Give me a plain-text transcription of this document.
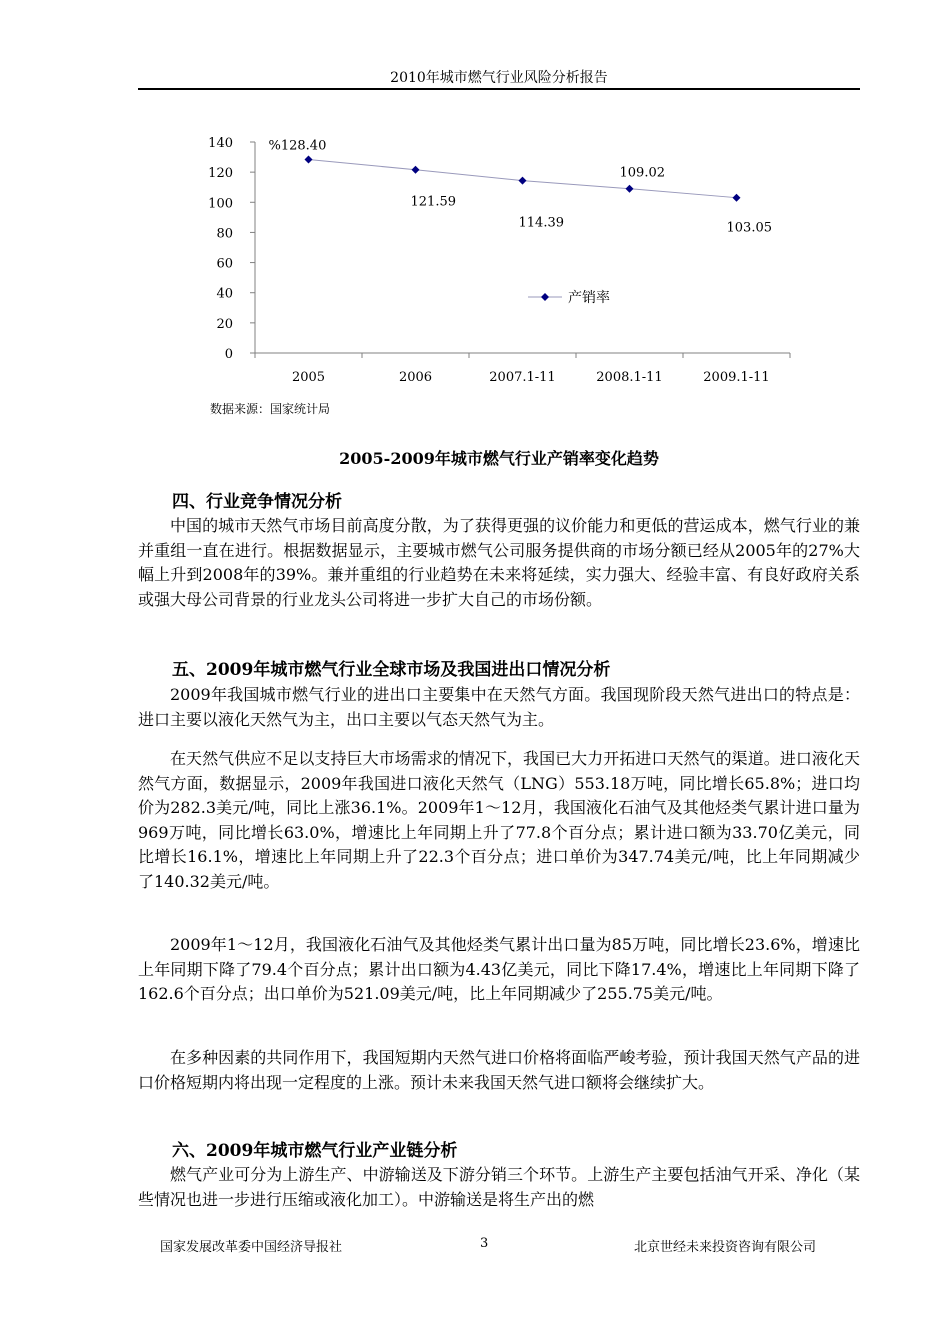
2010年城市燃气行业风险分析报告
0
20
40
60
80
100
120
140
2005	2006	2007.1-11	2008.1-11	2009.1-11
%128.40
121.59
114.39
109.02
103.05
产销率
数据来源：国家统计局
2005-2009年城市燃气行业产销率变化趋势
四、行业竞争情况分析

中国的城市天然气市场目前高度分散，为了获得更强的议价能力和更低的营运成本，燃气行业的兼并重组一直在进行。根据数据显示，主要城市燃气公司服务提供商的市场分额已经从2005年的27%大幅上升到2008年的39%。兼并重组的行业趋势在未来将延续，实力强大、经验丰富、有良好政府关系或强大母公司背景的行业龙头公司将进一步扩大自己的市场份额。

五、2009年城市燃气行业全球市场及我国进出口情况分析

2009年我国城市燃气行业的进出口主要集中在天然气方面。我国现阶段天然气进出口的特点是：进口主要以液化天然气为主，出口主要以气态天然气为主。

在天然气供应不足以支持巨大市场需求的情况下，我国已大力开拓进口天然气的渠道。进口液化天然气方面，数据显示，2009年我国进口液化天然气（LNG）553.18万吨，同比增长65.8%；进口均价为282.3美元/吨，同比上涨36.1%。2009年1～12月，我国液化石油气及其他烃类气累计进口量为969万吨，同比增长63.0%，增速比上年同期上升了77.8个百分点；累计进口额为33.70亿美元，同比增长16.1%，增速比上年同期上升了22.3个百分点；进口单价为347.74美元/吨，比上年同期减少了140.32美元/吨。

2009年1～12月，我国液化石油气及其他烃类气累计出口量为85万吨，同比增长23.6%，增速比上年同期下降了79.4个百分点；累计出口额为4.43亿美元，同比下降17.4%，增速比上年同期下降了162.6个百分点；出口单价为521.09美元/吨，比上年同期减少了255.75美元/吨。

在多种因素的共同作用下，我国短期内天然气进口价格将面临严峻考验，预计我国天然气产品的进口价格短期内将出现一定程度的上涨。预计未来我国天然气进口额将会继续扩大。

六、2009年城市燃气行业产业链分析

燃气产业可分为上游生产、中游输送及下游分销三个环节。上游生产主要包括油气开采、净化（某些情况也进一步进行压缩或液化加工）。中游输送是将生产出的燃

国家发展改革委中国经济导报社	3	北京世经未来投资咨询有限公司
